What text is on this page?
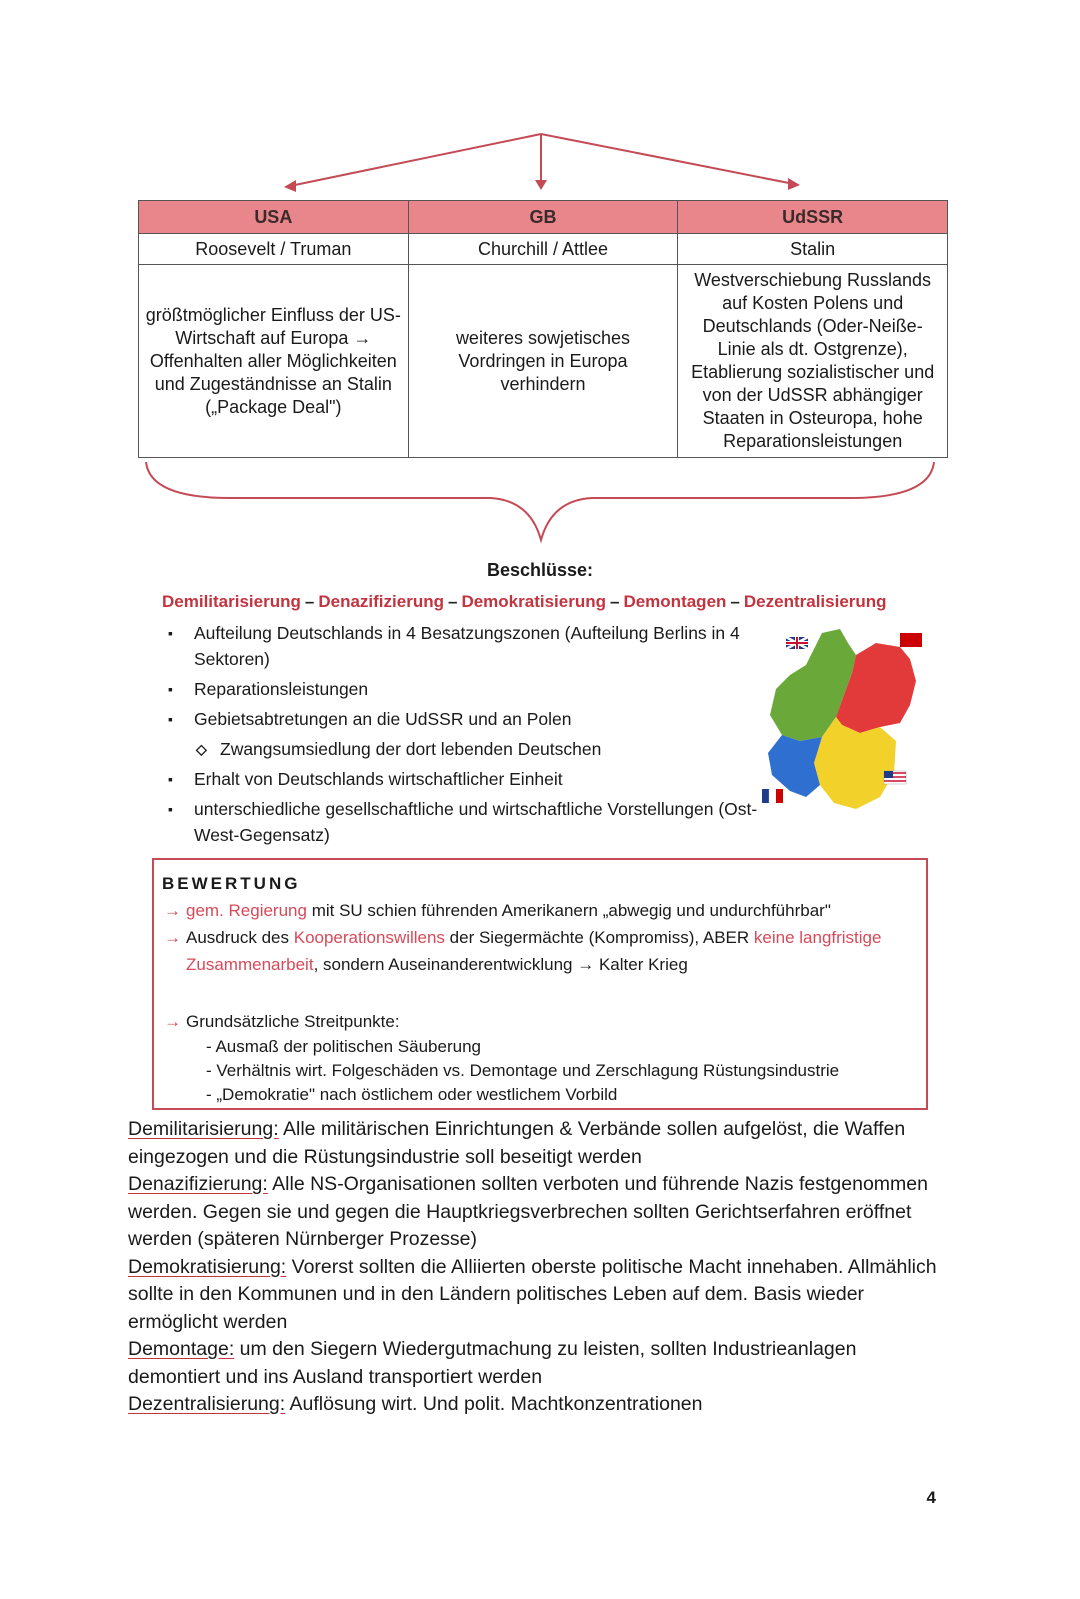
USA	GB	UdSSR
Roosevelt / Truman	Churchill / Attlee	Stalin
größtmöglicher Einfluss der US-Wirtschaft auf Europa → Offenhalten aller Möglichkeiten und Zugeständnisse an Stalin („Package Deal")	weiteres sowjetisches Vordringen in Europa verhindern	Westverschiebung Russlands auf Kosten Polens und Deutschlands (Oder-Neiße-Linie als dt. Ostgrenze), Etablierung sozialistischer und von der UdSSR abhängiger Staaten in Osteuropa, hohe Reparationsleistungen
Beschlüsse:
Demilitarisierung – Denazifizierung – Demokratisierung – Demontagen – Dezentralisierung
▪ Aufteilung Deutschlands in 4 Besatzungszonen (Aufteilung Berlins in 4 Sektoren)
▪ Reparationsleistungen
▪ Gebietsabtretungen an die UdSSR und an Polen
◇ Zwangsumsiedlung der dort lebenden Deutschen
▪ Erhalt von Deutschlands wirtschaftlicher Einheit
▪ unterschiedliche gesellschaftliche und wirtschaftliche Vorstellungen (Ost-West-Gegensatz)
BEWERTUNG
→ gem. Regierung mit SU schien führenden Amerikanern „abwegig und undurchführbar"
→ Ausdruck des Kooperationswillens der Siegermächte (Kompromiss), ABER keine langfristige Zusammenarbeit, sondern Auseinanderentwicklung → Kalter Krieg
→ Grundsätzliche Streitpunkte:
- Ausmaß der politischen Säuberung
- Verhältnis wirt. Folgeschäden vs. Demontage und Zerschlagung Rüstungsindustrie
- „Demokratie" nach östlichem oder westlichem Vorbild

Demilitarisierung: Alle militärischen Einrichtungen & Verbände sollen aufgelöst, die Waffen eingezogen und die Rüstungsindustrie soll beseitigt werden

Denazifizierung: Alle NS-Organisationen sollten verboten und führende Nazis festgenommen werden. Gegen sie und gegen die Hauptkriegsverbrechen sollten Gerichtserfahren eröffnet werden (späteren Nürnberger Prozesse)

Demokratisierung: Vorerst sollten die Alliierten oberste politische Macht innehaben. Allmählich sollte in den Kommunen und in den Ländern politisches Leben auf dem. Basis wieder ermöglicht werden

Demontage: um den Siegern Wiedergutmachung zu leisten, sollten Industrieanlagen demontiert und ins Ausland transportiert werden

Dezentralisierung: Auflösung wirt. Und polit. Machtkonzentrationen

4
